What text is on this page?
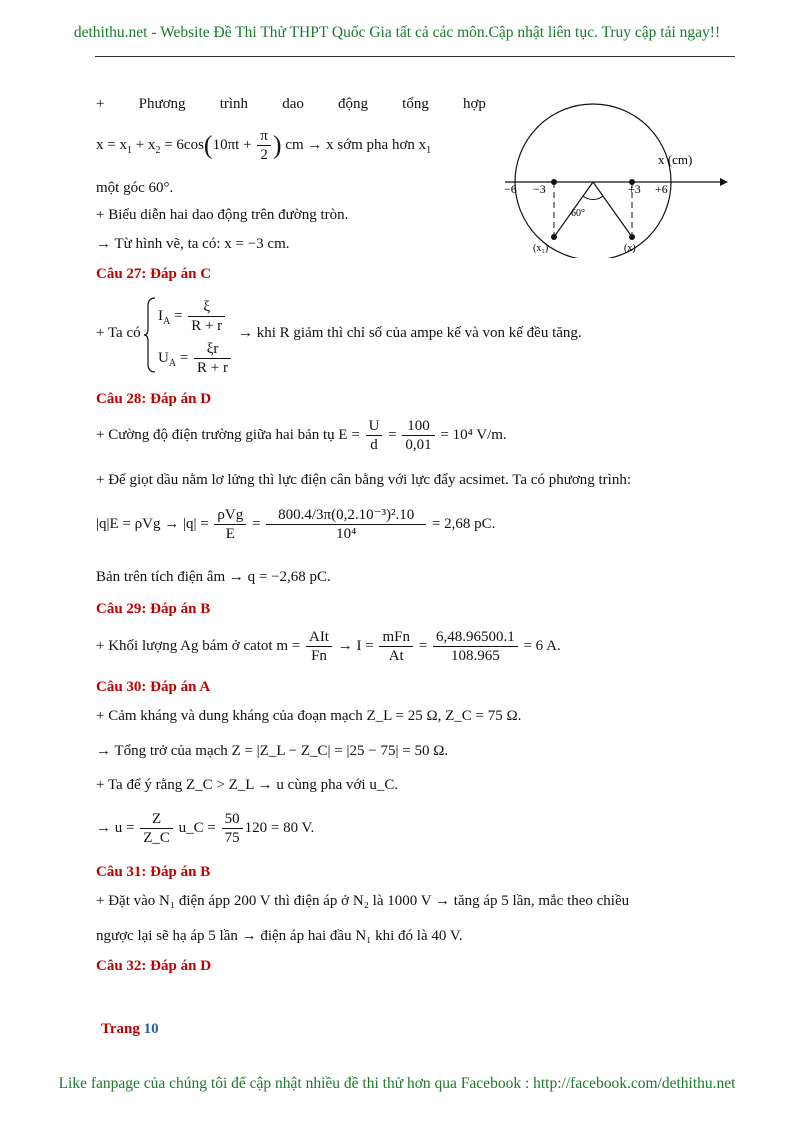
dethithu.net - Website Đề Thi Thử THPT Quốc Gia tất cả các môn.Cập nhật liên tục. Truy cập tải ngay!!
+ Phương trình dao động tổng hợp
$x = x_1 + x_2 = 6\cos(10\pi t + \frac{\pi}{2}$ ) cm → x sớm pha hơn $x_1$
một góc 60°.
+ Biểu diễn hai dao động trên đường tròn.
→ Từ hình vẽ, ta có: x = −3 cm.
x (cm)
−6 −3	+3 +6
60°
(x₁)	(x)
Câu 27: Đáp án C
+ Ta có
$I_A = \frac{\xi}{R + r}$
$U_A = \frac{\xi r}{R + r}$
→ khi R giảm thì chỉ số của ampe kế và von kế đều tăng.
Câu 28: Đáp án D
+ Cường độ điện trường giữa hai bản tụ $E = \frac{U}{d} = \frac{100}{0,01} = 10^4$ V/m.
+ Để giọt dầu nằm lơ lửng thì lực điện cân bằng với lực đẩy acsimet. Ta có phương trình:
$|q|E = \rho Vg \to |q| = \frac{\text{ρVg}}{E} = \frac{\text{800.4/3π(0,2.10⁻³)².10}}{\text{10⁴}} = 2,68$ pC.
Bản trên tích điện âm → q = −2,68 pC.
Câu 29: Đáp án B
+ Khối lượng Ag bám ở catot $m = \frac{\text{AIt}}{Fn} \to I = \frac{\text{mFn}}{At} = \frac{6,48.96500.1}{108.965} = 6$ A.
Câu 30: Đáp án A
+ Cảm kháng và dung kháng của đoạn mạch Z_L = 25 Ω, Z_C = 75 Ω.
→ Tổng trở của mạch Z = |Z_L − Z_C| = |25 − 75| = 50 Ω.
+ Ta để ý rằng Z_C > Z_L → u cùng pha với u_C.
→ $u = \frac{Z}{Z\_C}$ u_C = $\frac{50}{75} 120 = 80$ V.
Câu 31: Đáp án B
+ Đặt vào N₁ điện ápp 200 V thì điện áp ở N₂ là 1000 V → tăng áp 5 lần, mắc theo chiều
ngược lại sẽ hạ áp 5 lần → điện áp hai đầu N₁ khi đó là 40 V.
Câu 32: Đáp án D
Trang 10
Like fanpage của chúng tôi để cập nhật nhiều đề thi thử hơn qua Facebook : http://facebook.com/dethithu.net
